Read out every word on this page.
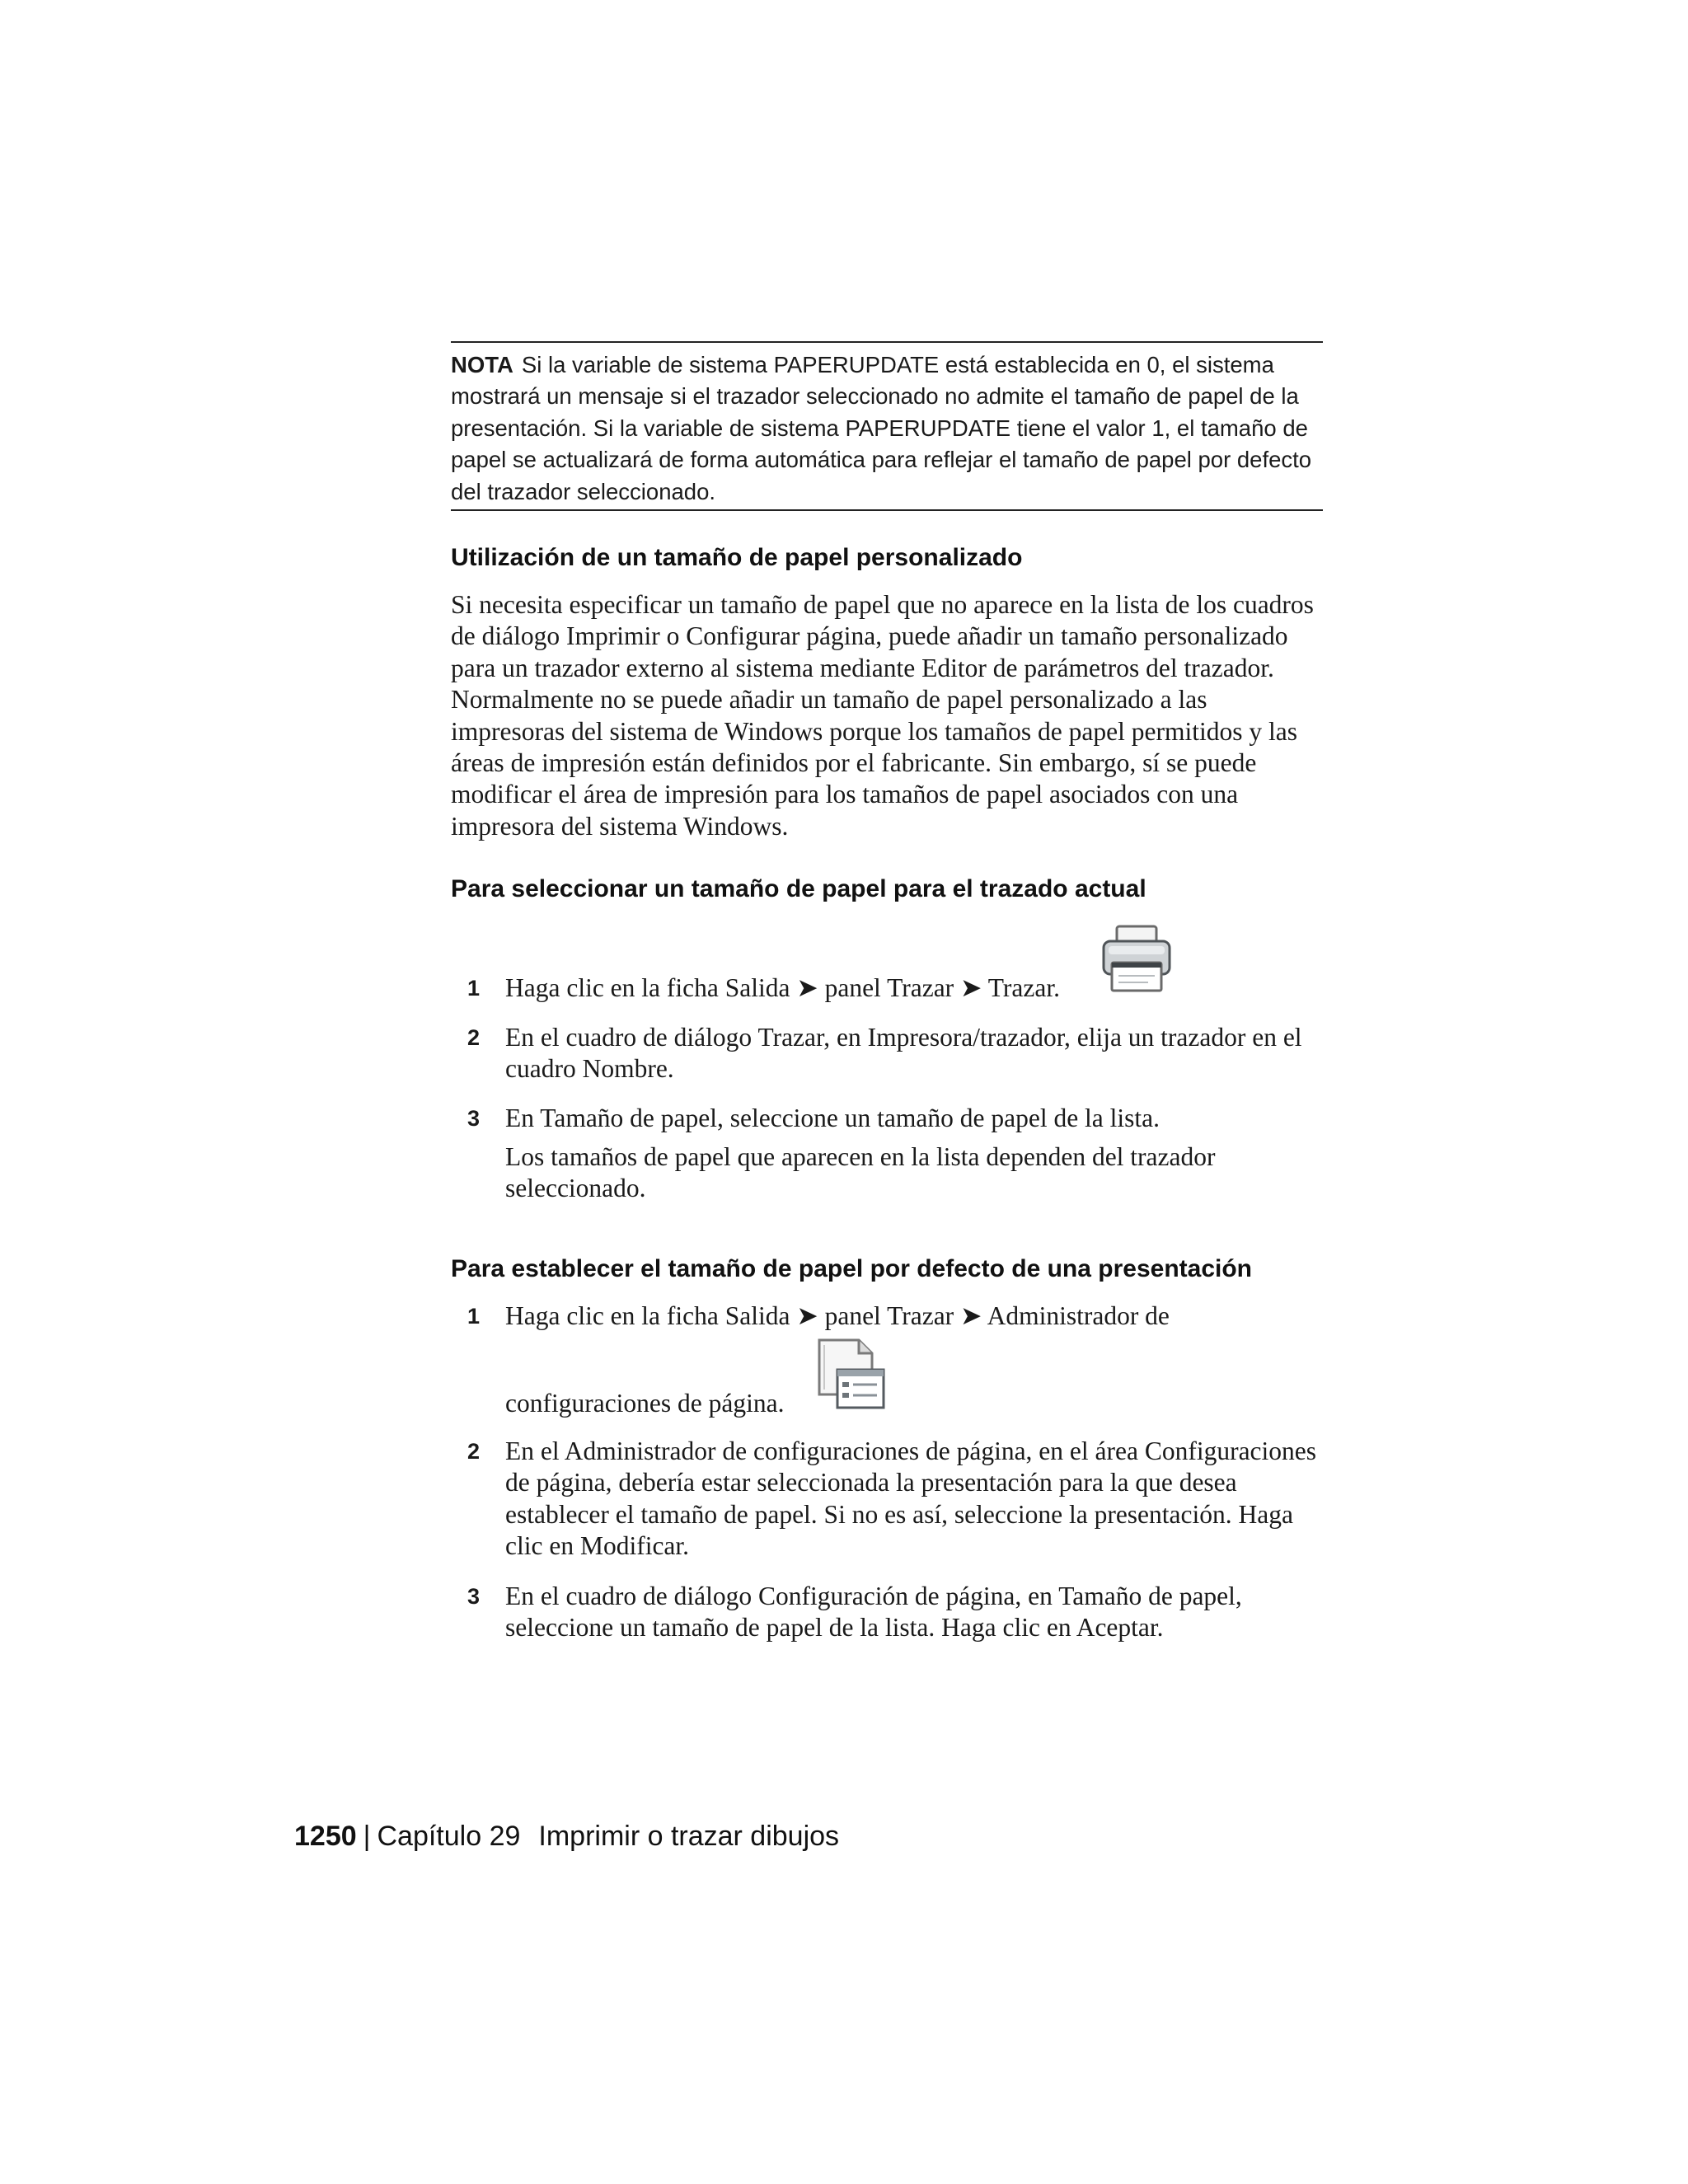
NOTA Si la variable de sistema PAPERUPDATE está establecida en 0, el sistema mostrará un mensaje si el trazador seleccionado no admite el tamaño de papel de la presentación. Si la variable de sistema PAPERUPDATE tiene el valor 1, el tamaño de papel se actualizará de forma automática para reflejar el tamaño de papel por defecto del trazador seleccionado.

Utilización de un tamaño de papel personalizado

Si necesita especificar un tamaño de papel que no aparece en la lista de los cuadros de diálogo Imprimir o Configurar página, puede añadir un tamaño personalizado para un trazador externo al sistema mediante Editor de parámetros del trazador. Normalmente no se puede añadir un tamaño de papel personalizado a las impresoras del sistema de Windows porque los tamaños de papel permitidos y las áreas de impresión están definidos por el fabricante. Sin embargo, sí se puede modificar el área de impresión para los tamaños de papel asociados con una impresora del sistema Windows.

Para seleccionar un tamaño de papel para el trazado actual
1 Haga clic en la ficha Salida ➤ panel Trazar ➤ Trazar.
2 En el cuadro de diálogo Trazar, en Impresora/trazador, elija un trazador en el cuadro Nombre.
3 En Tamaño de papel, seleccione un tamaño de papel de la lista.
Los tamaños de papel que aparecen en la lista dependen del trazador seleccionado.
Para establecer el tamaño de papel por defecto de una presentación
1 Haga clic en la ficha Salida ➤ panel Trazar ➤ Administrador de
configuraciones de página.
2 En el Administrador de configuraciones de página, en el área Configuraciones de página, debería estar seleccionada la presentación para la que desea establecer el tamaño de papel. Si no es así, seleccione la presentación. Haga clic en Modificar.
3 En el cuadro de diálogo Configuración de página, en Tamaño de papel, seleccione un tamaño de papel de la lista. Haga clic en Aceptar.
1250 | Capítulo 29 Imprimir o trazar dibujos
